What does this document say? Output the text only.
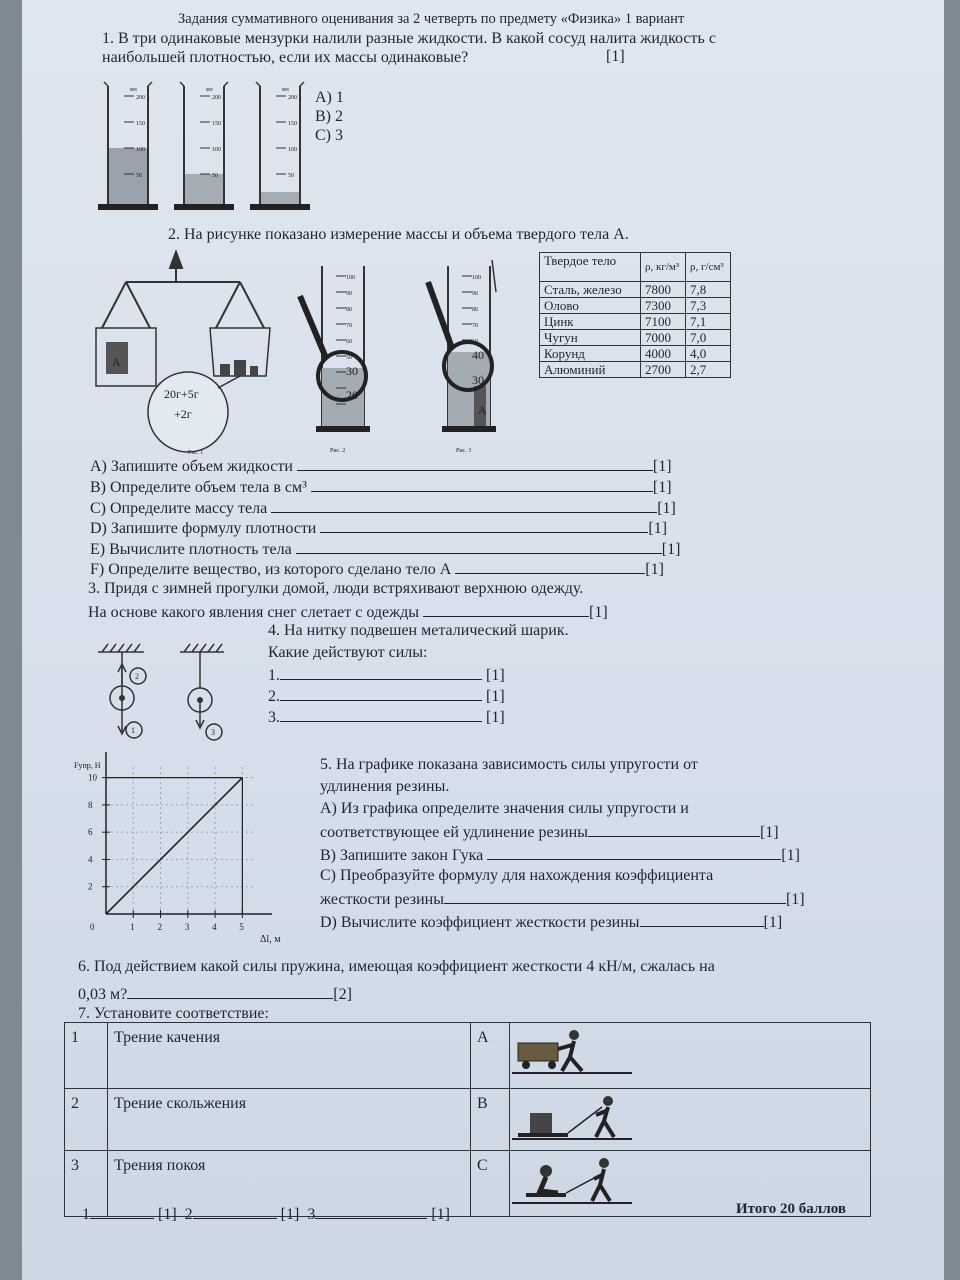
Задания суммативного оценивания за 2 четверть по предмету «Физика» 1 вариант
1. В три одинаковые мензурки налили разные жидкости. В какой сосуд налита жидкость с
наибольшей плотностью, если их массы одинаковые?	[1]
мл
200
150
100
50
мл
200
150
100
50
мл
200
150
100
50
А) 1
В) 2
С) 3
2. На рисунке показано измерение массы и объема твердого тела А.
А
20г+5г
+2г
Рис. 1
100
90
80
70
60
50
30
20
Рис. 2
100
90
80
70
60
40
30
А
Рис. 3
Твердое тело	ρ, кг/м³	ρ, г/см³
Сталь, железо	7800	7,8
Олово	7300	7,3
Цинк	7100	7,1
Чугун	7000	7,0
Корунд	4000	4,0
Алюминий	2700	2,7
А) Запишите объем жидкости	[1]
В) Определите объем тела в см³	[1]
С) Определите массу тела	[1]
D) Запишите формулу плотности	[1]
Е) Вычислите плотность тела	[1]
F) Определите вещество, из которого сделано тело А	[1]
3. Придя с зимней прогулки домой, люди встряхивают верхнюю одежду.
На основе какого явления снег слетает с одежды	[1]
2
1	3
4. На нитку подвешен металический шарик.
Какие действуют силы:
1.	[1]
2.	[1]
3.	[1]
0	1	2	3	4	5
2
4
6
8
10
Fупр, Н
Δl, м
5. На графике показана зависимость силы упругости от
удлинения резины.
А) Из графика определите значения силы упругости и
соответствующее ей удлинение резины	[1]
В) Запишите закон Гука	[1]
С) Преобразуйте формулу для нахождения коэффициента
жесткости резины	[1]
D) Вычислите коэффициент жесткости резины	[1]
6. Под действием какой силы пружина, имеющая коэффициент жесткости 4 кН/м, сжалась на
0,03 м?	[2]
7. Установите соответствие:
1	Трение качения	А	
2	Трение скольжения	В	
3	Трения покоя	С	
1	[1] 2	[1] 3	[1]	Итого 20 баллов
